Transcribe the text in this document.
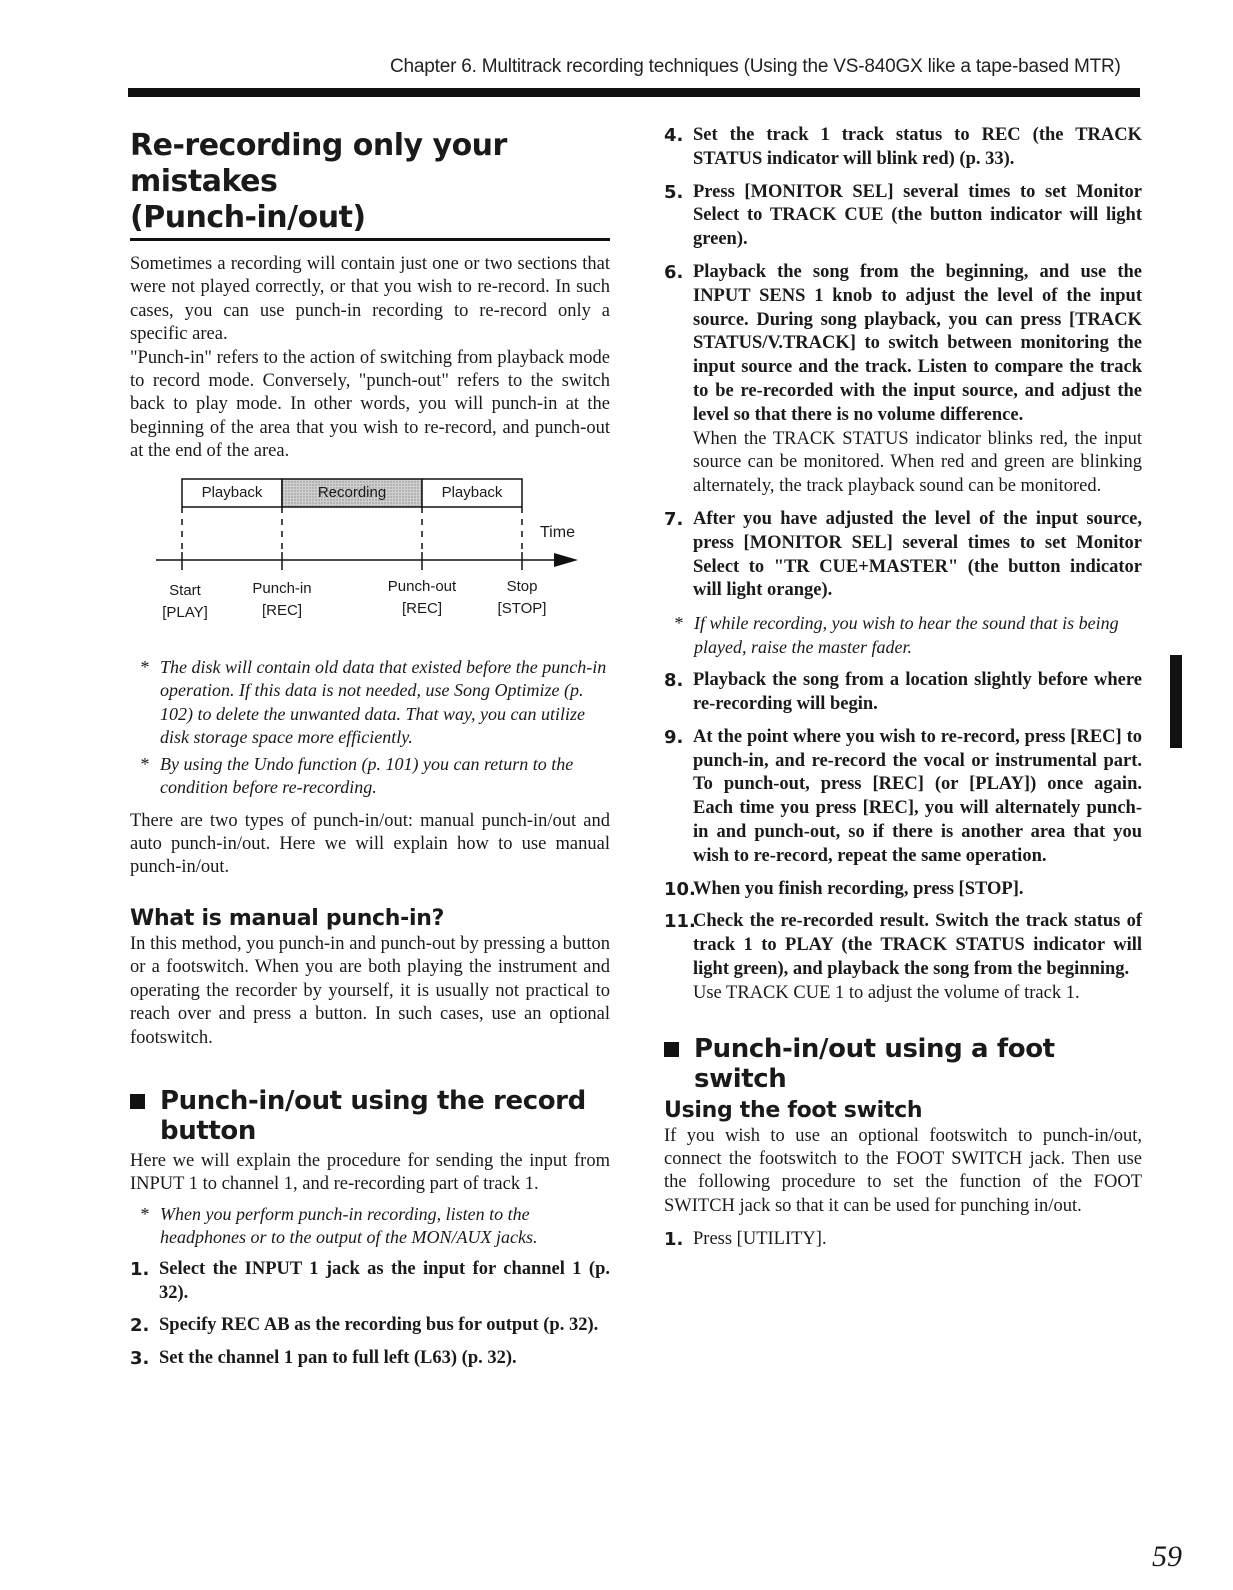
Chapter 6. Multitrack recording techniques (Using the VS-840GX like a tape-based MTR)
Re-recording only your mistakes
(Punch-in/out)

Sometimes a recording will contain just one or two sections that were not played correctly, or that you wish to re-record. In such cases, you can use punch-in recording to re-record only a specific area.

"Punch-in" refers to the action of switching from playback mode to record mode. Conversely, "punch-out" refers to the switch back to play mode. In other words, you will punch-in at the beginning of the area that you wish to re-record, and punch-out at the end of the area.

Playback	Recording	Playback
Time
Start
[PLAY]
Punch-in
[REC]
Punch-out
[REC]
Stop
[STOP]
* The disk will contain old data that existed before the punch-in operation. If this data is not needed, use Song Optimize (p. 102) to delete the unwanted data. That way, you can utilize disk storage space more efficiently.
* By using the Undo function (p. 101) you can return to the condition before re-recording.

There are two types of punch-in/out: manual punch-in/out and auto punch-in/out. Here we will explain how to use manual punch-in/out.

What is manual punch-in?

In this method, you punch-in and punch-out by pressing a button or a footswitch. When you are both playing the instrument and operating the recorder by yourself, it is usually not practical to reach over and press a button. In such cases, use an optional footswitch.

Punch-in/out using the record button

Here we will explain the procedure for sending the input from INPUT 1 to channel 1, and re-recording part of track 1.

* When you perform punch-in recording, listen to the headphones or to the output of the MON/AUX jacks.
1. Select the INPUT 1 jack as the input for channel 1 (p. 32).
2. Specify REC AB as the recording bus for output (p. 32).
3. Set the channel 1 pan to full left (L63) (p. 32).
4. Set the track 1 track status to REC (the TRACK STATUS indicator will blink red) (p. 33).
5. Press [MONITOR SEL] several times to set Monitor Select to TRACK CUE (the button indicator will light green).
6. Playback the song from the beginning, and use the INPUT SENS 1 knob to adjust the level of the input source. During song playback, you can press [TRACK STATUS/V.TRACK] to switch between monitoring the input source and the track. Listen to compare the track to be re-recorded with the input source, and adjust the level so that there is no volume difference.
When the TRACK STATUS indicator blinks red, the input source can be monitored. When red and green are blinking alternately, the track playback sound can be monitored.
7. After you have adjusted the level of the input source, press [MONITOR SEL] several times to set Monitor Select to "TR CUE+MASTER" (the button indicator will light orange).
* If while recording, you wish to hear the sound that is being played, raise the master fader.
8. Playback the song from a location slightly before where re-recording will begin.
9. At the point where you wish to re-record, press [REC] to punch-in, and re-record the vocal or instrumental part. To punch-out, press [REC] (or [PLAY]) once again. Each time you press [REC], you will alternately punch-in and punch-out, so if there is another area that you wish to re-record, repeat the same operation.
10.
When you finish recording, press [STOP].
11.
Check the re-recorded result. Switch the track status of track 1 to PLAY (the TRACK STATUS indicator will light green), and playback the song from the beginning.
Use TRACK CUE 1 to adjust the volume of track 1.
Punch-in/out using a foot switch
Using the foot switch

If you wish to use an optional footswitch to punch-in/out, connect the footswitch to the FOOT SWITCH jack. Then use the following procedure to set the function of the FOOT SWITCH jack so that it can be used for punching in/out.

1. Press [UTILITY].
59
